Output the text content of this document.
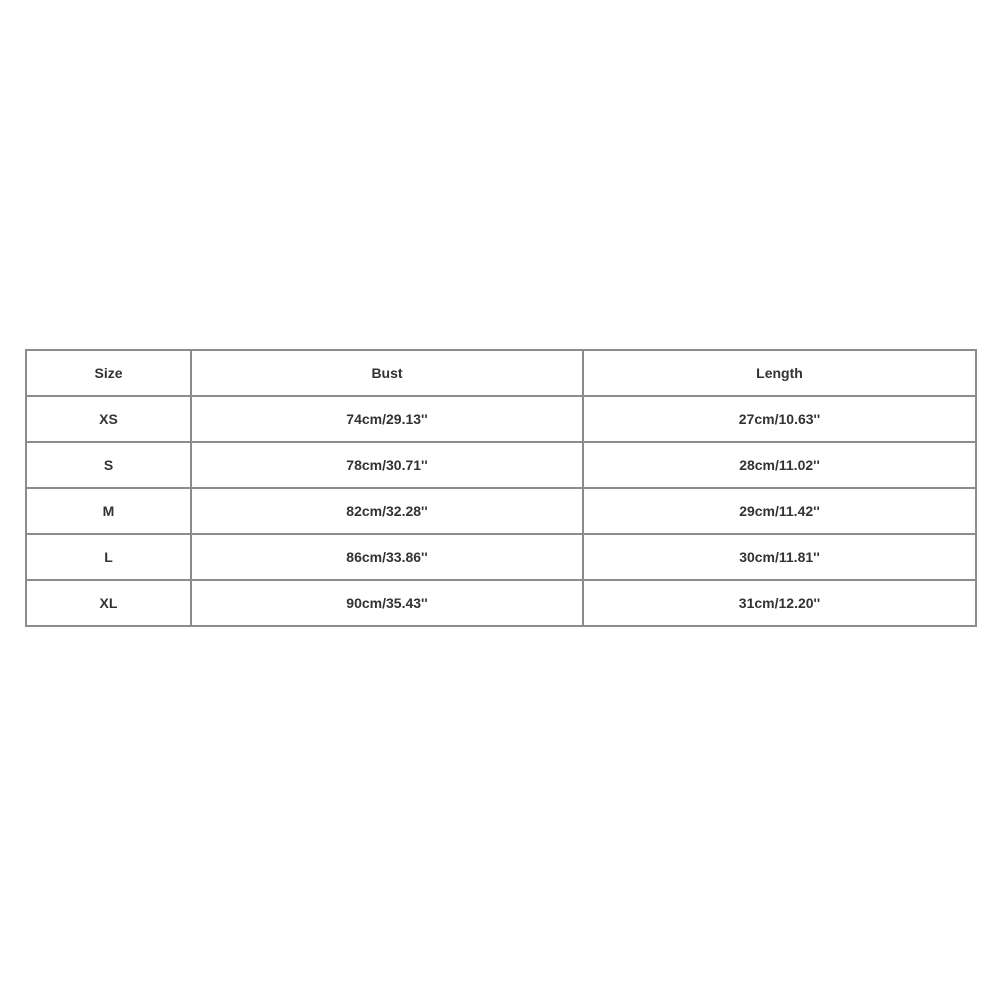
Size	Bust	Length
XS	74cm/29.13''	27cm/10.63''
S	78cm/30.71''	28cm/11.02''
M	82cm/32.28''	29cm/11.42''
L	86cm/33.86''	30cm/11.81''
XL	90cm/35.43''	31cm/12.20''
